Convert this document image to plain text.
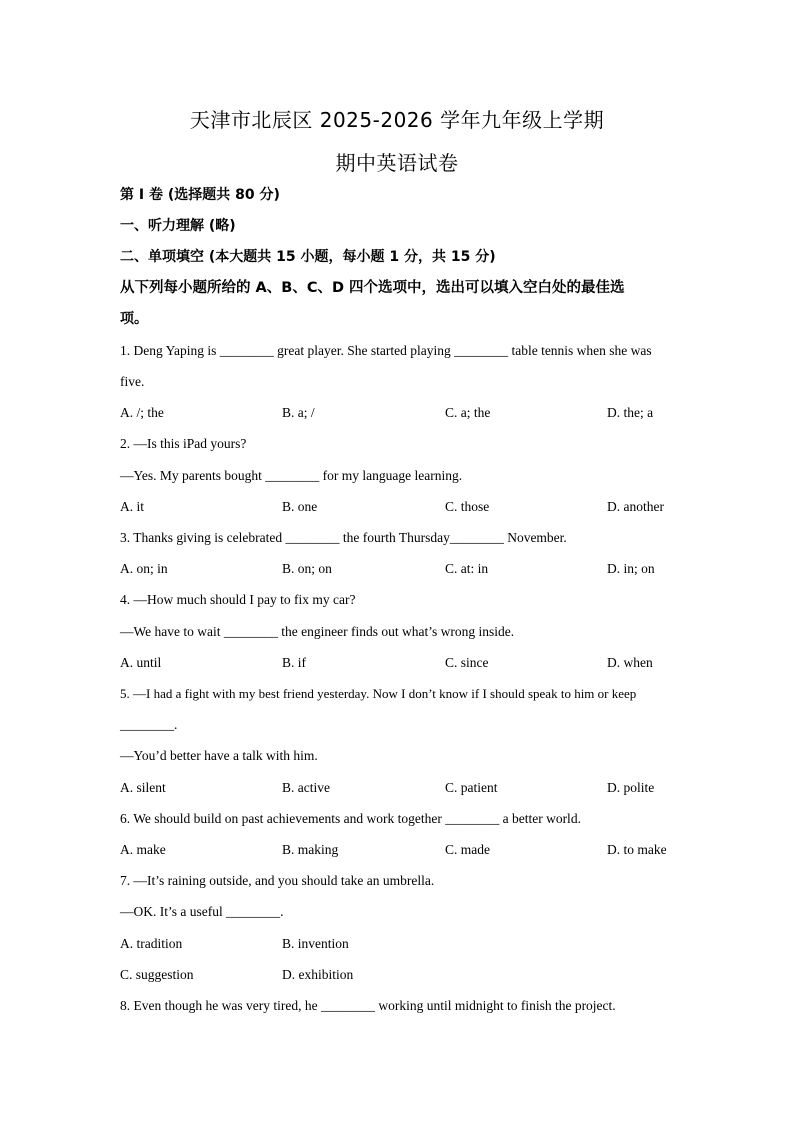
天津市北辰区 2025-2026 学年九年级上学期
期中英语试卷
第 I 卷 (选择题共 80 分)
一、听力理解 (略)
二、单项填空 (本大题共 15 小题，每小题 1 分，共 15 分)
从下列每小题所给的 A、B、C、D 四个选项中，选出可以填入空白处的最佳选
项。
1. Deng Yaping is ________ great player. She started playing ________ table tennis when she was
five.
A. /; the	B. a; /	C. a; the	D. the; a
2. —Is this iPad yours?
—Yes. My parents bought ________ for my language learning.
A. it	B. one	C. those	D. another
3. Thanks giving is celebrated ________ the fourth Thursday________ November.
A. on; in	B. on; on	C. at: in	D. in; on
4. —How much should I pay to fix my car?
—We have to wait ________ the engineer finds out what’s wrong inside.
A. until	B. if	C. since	D. when
5. —I had a fight with my best friend yesterday. Now I don’t know if I should speak to him or keep
________.
—You’d better have a talk with him.
A. silent	B. active	C. patient	D. polite
6. We should build on past achievements and work together ________ a better world.
A. make	B. making	C. made	D. to make
7. —It’s raining outside, and you should take an umbrella.
—OK. It’s a useful ________.
A. tradition	B. invention
C. suggestion	D. exhibition
8. Even though he was very tired, he ________ working until midnight to finish the project.
